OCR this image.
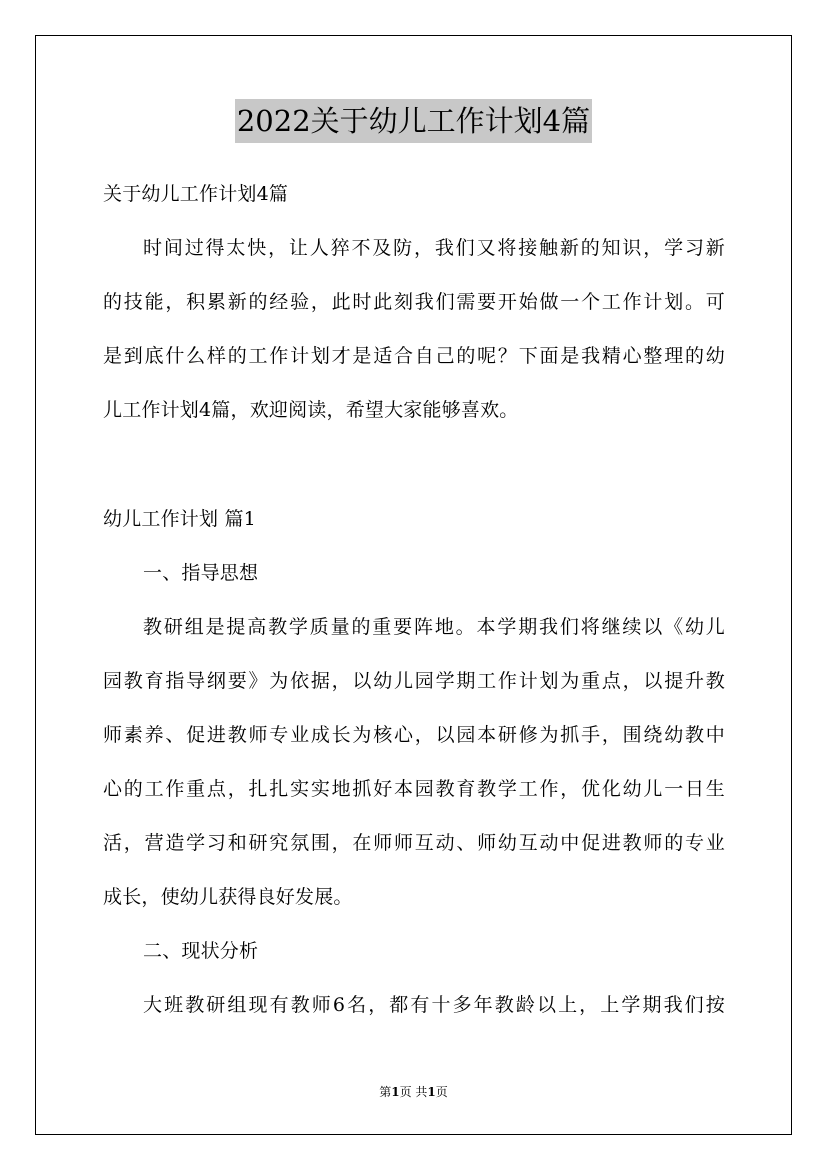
2022关于幼儿工作计划4篇
关于幼儿工作计划4篇
时间过得太快，让人猝不及防，我们又将接触新的知识，学习新
的技能，积累新的经验，此时此刻我们需要开始做一个工作计划。可
是到底什么样的工作计划才是适合自己的呢？下面是我精心整理的幼
儿工作计划4篇，欢迎阅读，希望大家能够喜欢。
幼儿工作计划 篇1
一、指导思想
教研组是提高教学质量的重要阵地。本学期我们将继续以《幼儿
园教育指导纲要》为依据，以幼儿园学期工作计划为重点，以提升教
师素养、促进教师专业成长为核心，以园本研修为抓手，围绕幼教中
心的工作重点，扎扎实实地抓好本园教育教学工作，优化幼儿一日生
活，营造学习和研究氛围，在师师互动、师幼互动中促进教师的专业
成长，使幼儿获得良好发展。
二、现状分析
大班教研组现有教师6名，都有十多年教龄以上，上学期我们按
第1页 共1页
